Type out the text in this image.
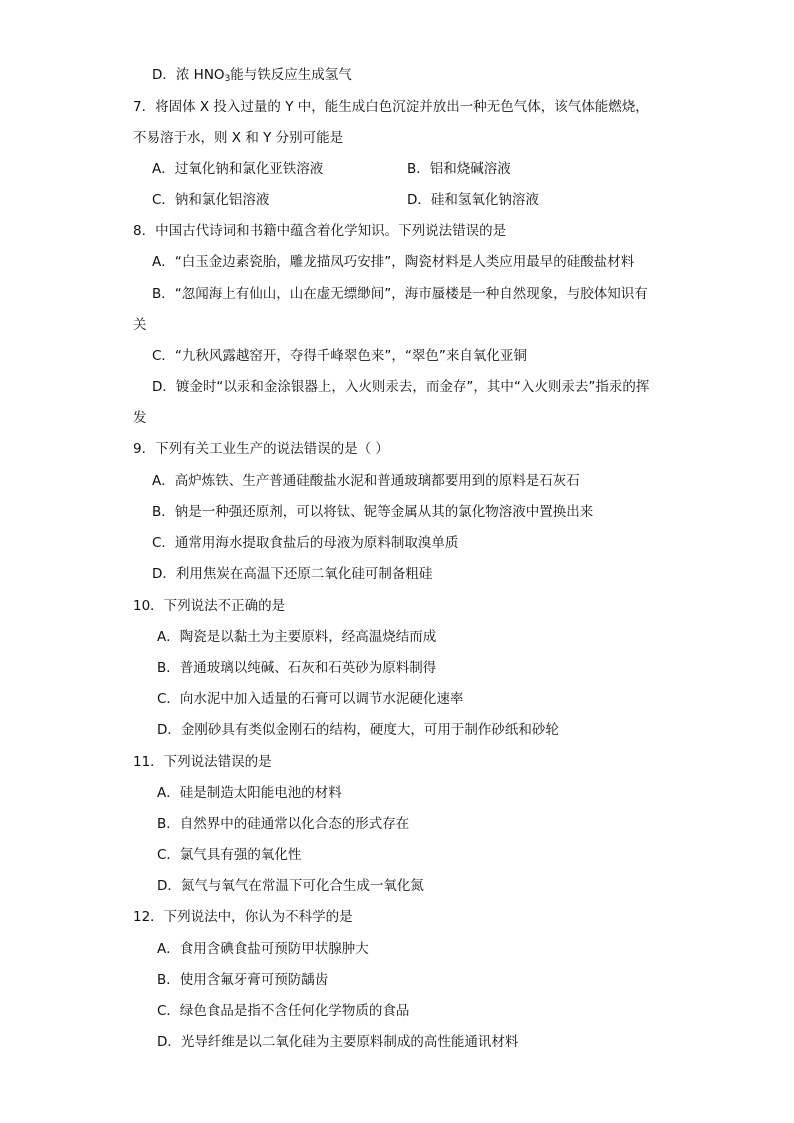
D．浓 $HNO_3$能与铁反应生成氢气
7．将固体 X 投入过量的 Y 中，能生成白色沉淀并放出一种无色气体，该气体能燃烧，
不易溶于水，则 X 和 Y 分别可能是
A．过氧化钠和氯化亚铁溶液	B．铝和烧碱溶液
C．钠和氯化铝溶液	D．硅和氢氧化钠溶液
8．中国古代诗词和书籍中蕴含着化学知识。下列说法错误的是
A．“白玉金边素瓷胎，雕龙描凤巧安排”，陶瓷材料是人类应用最早的硅酸盐材料
B．“忽闻海上有仙山，山在虚无缥缈间”，海市蜃楼是一种自然现象，与胶体知识有
关
C．“九秋风露越窑开，夺得千峰翠色来”，“翠色”来自氧化亚铜
D．镀金时“以汞和金涂银器上，入火则汞去，而金存”，其中“入火则汞去”指汞的挥
发
9．下列有关工业生产的说法错误的是（ ）
A．高炉炼铁、生产普通硅酸盐水泥和普通玻璃都要用到的原料是石灰石
B．钠是一种强还原剂，可以将钛、铌等金属从其的氯化物溶液中置换出来
C．通常用海水提取食盐后的母液为原料制取溴单质
D．利用焦炭在高温下还原二氧化硅可制备粗硅
10．下列说法不正确的是
A．陶瓷是以黏土为主要原料，经高温烧结而成
B．普通玻璃以纯碱、石灰和石英砂为原料制得
C．向水泥中加入适量的石膏可以调节水泥硬化速率
D．金刚砂具有类似金刚石的结构，硬度大，可用于制作砂纸和砂轮
11．下列说法错误的是
A．硅是制造太阳能电池的材料
B．自然界中的硅通常以化合态的形式存在
C．氯气具有强的氧化性
D．氮气与氧气在常温下可化合生成一氧化氮
12．下列说法中，你认为不科学的是
A．食用含碘食盐可预防甲状腺肿大
B．使用含氟牙膏可预防龋齿
C．绿色食品是指不含任何化学物质的食品
D．光导纤维是以二氧化硅为主要原料制成的高性能通讯材料
